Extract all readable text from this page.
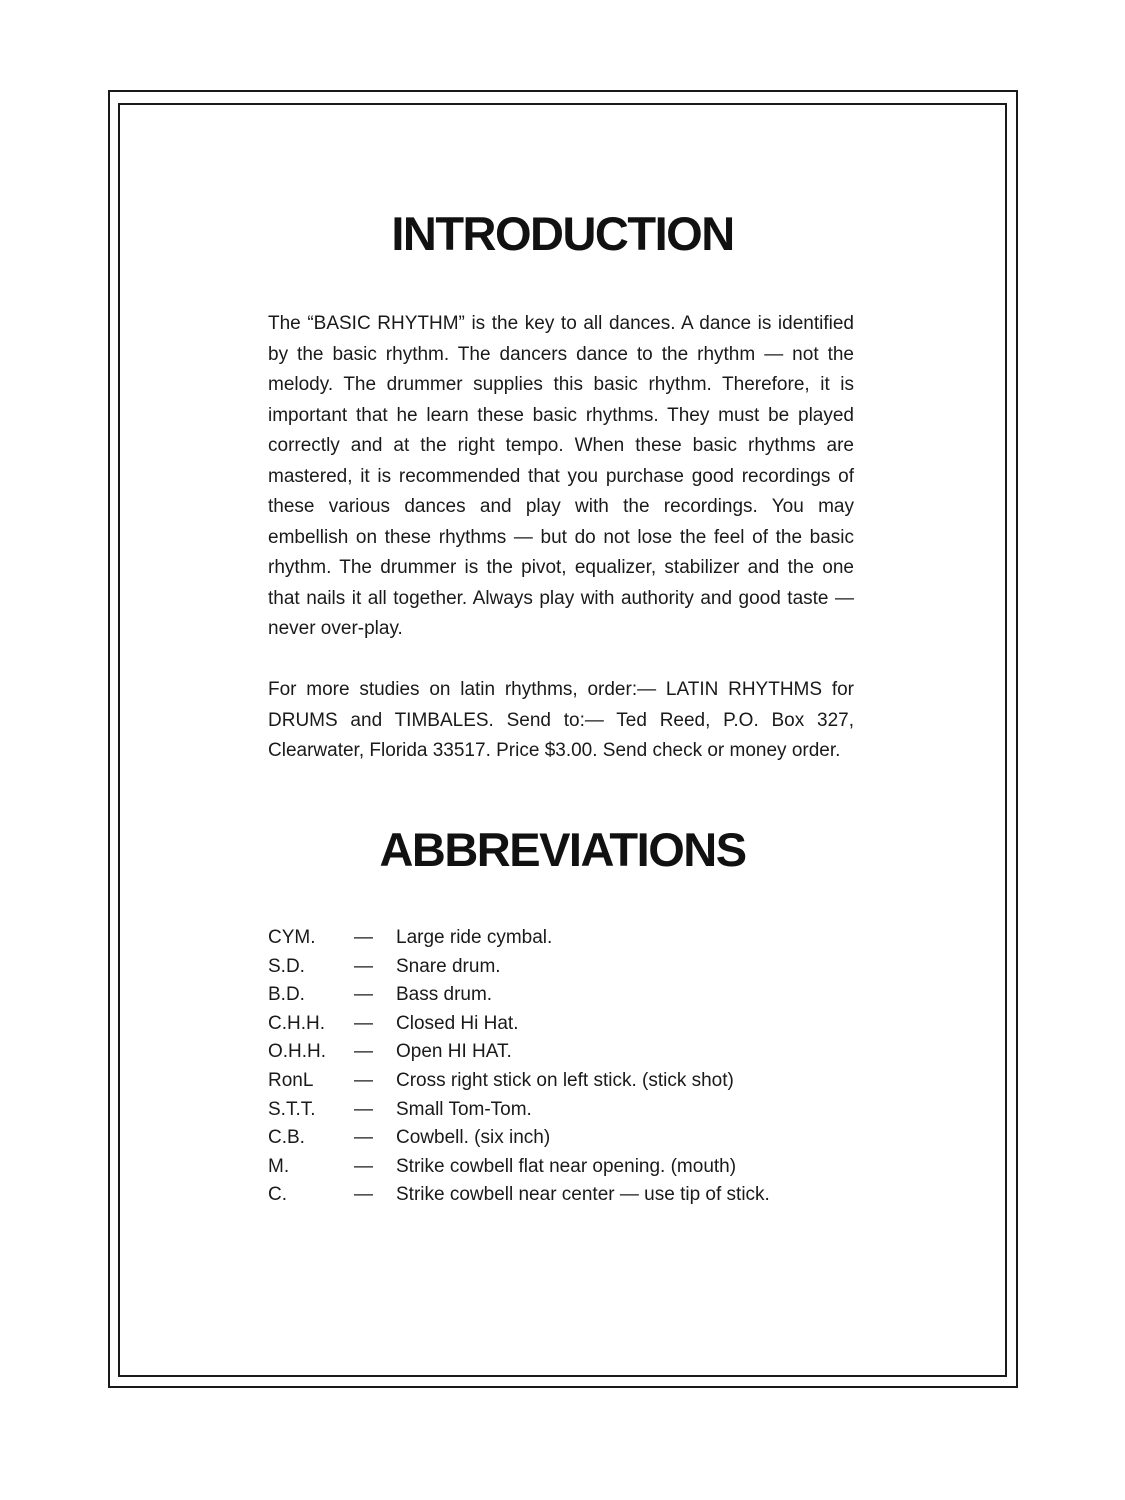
INTRODUCTION

The “BASIC RHYTHM” is the key to all dances. A dance is identified by the basic rhythm. The dancers dance to the rhythm — not the melody. The drummer supplies this basic rhythm. Therefore, it is important that he learn these basic rhythms. They must be played correctly and at the right tempo. When these basic rhythms are mastered, it is recommended that you purchase good recordings of these various dances and play with the recordings. You may embellish on these rhythms — but do not lose the feel of the basic rhythm. The drummer is the pivot, equalizer, stabilizer and the one that nails it all together. Always play with authority and good taste — never over-play.

For more studies on latin rhythms, order:— LATIN RHYTHMS for DRUMS and TIMBALES. Send to:— Ted Reed, P.O. Box 327, Clearwater, Florida 33517. Price $3.00. Send check or money order.

ABBREVIATIONS
CYM.	—	Large ride cymbal.
S.D.	—	Snare drum.
B.D.	—	Bass drum.
C.H.H.	—	Closed Hi Hat.
O.H.H.	—	Open HI HAT.
RonL	—	Cross right stick on left stick. (stick shot)
S.T.T.	—	Small Tom-Tom.
C.B.	—	Cowbell. (six inch)
M.	—	Strike cowbell flat near opening. (mouth)
C.	—	Strike cowbell near center — use tip of stick.
